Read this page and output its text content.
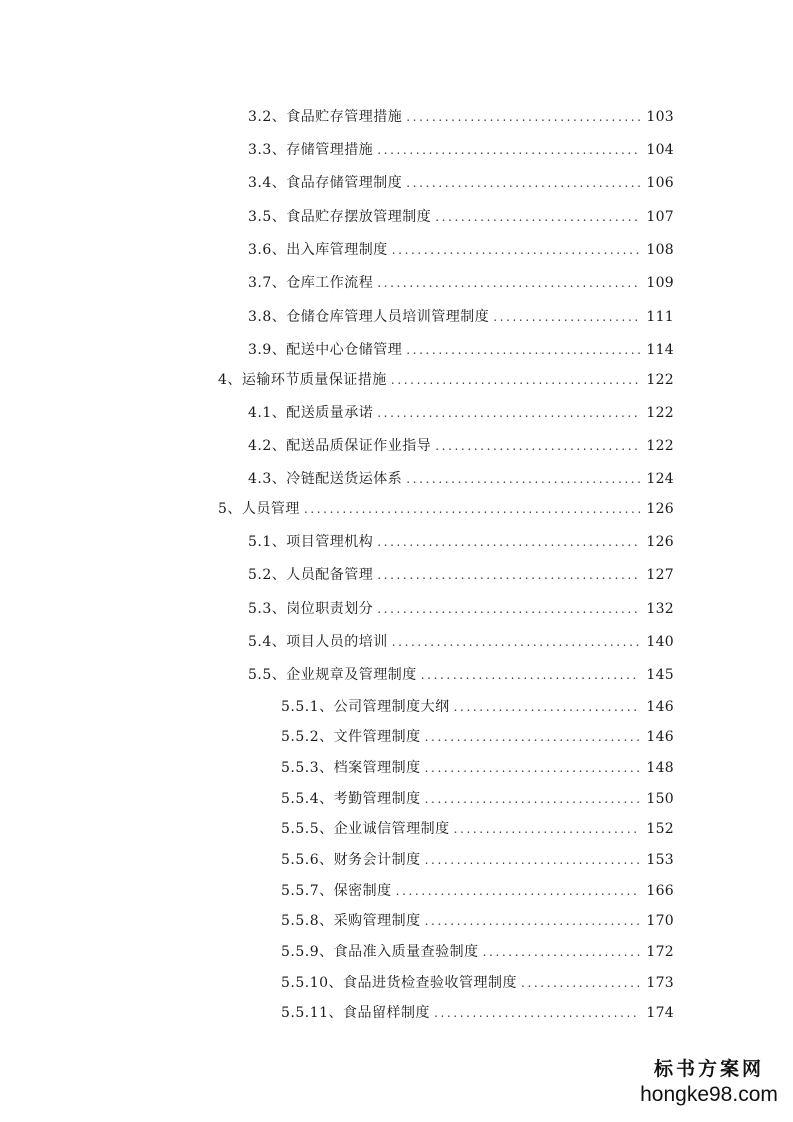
3.2、食品贮存管理措施 .....	103
3.3、存储管理措施 .....	104
3.4、食品存储管理制度 .....	106
3.5、食品贮存摆放管理制度 .....	107
3.6、出入库管理制度 .....	108
3.7、仓库工作流程 .....	109
3.8、仓储仓库管理人员培训管理制度 .....	111
3.9、配送中心仓储管理 .....	114
4、运输环节质量保证措施 .....	122
4.1、配送质量承诺 .....	122
4.2、配送品质保证作业指导 .....	122
4.3、冷链配送货运体系 .....	124
5、人员管理 .....	126
5.1、项目管理机构 .....	126
5.2、人员配备管理 .....	127
5.3、岗位职责划分 .....	132
5.4、项目人员的培训 .....	140
5.5、企业规章及管理制度 .....	145
5.5.1、公司管理制度大纲 .....	146
5.5.2、文件管理制度 .....	146
5.5.3、档案管理制度 .....	148
5.5.4、考勤管理制度 .....	150
5.5.5、企业诚信管理制度 .....	152
5.5.6、财务会计制度 .....	153
5.5.7、保密制度 .....	166
5.5.8、采购管理制度 .....	170
5.5.9、食品准入质量查验制度 .....	172
5.5.10、食品进货检查验收管理制度 .....	173
5.5.11、食品留样制度 .....	174
标书方案网
hongke98.com
